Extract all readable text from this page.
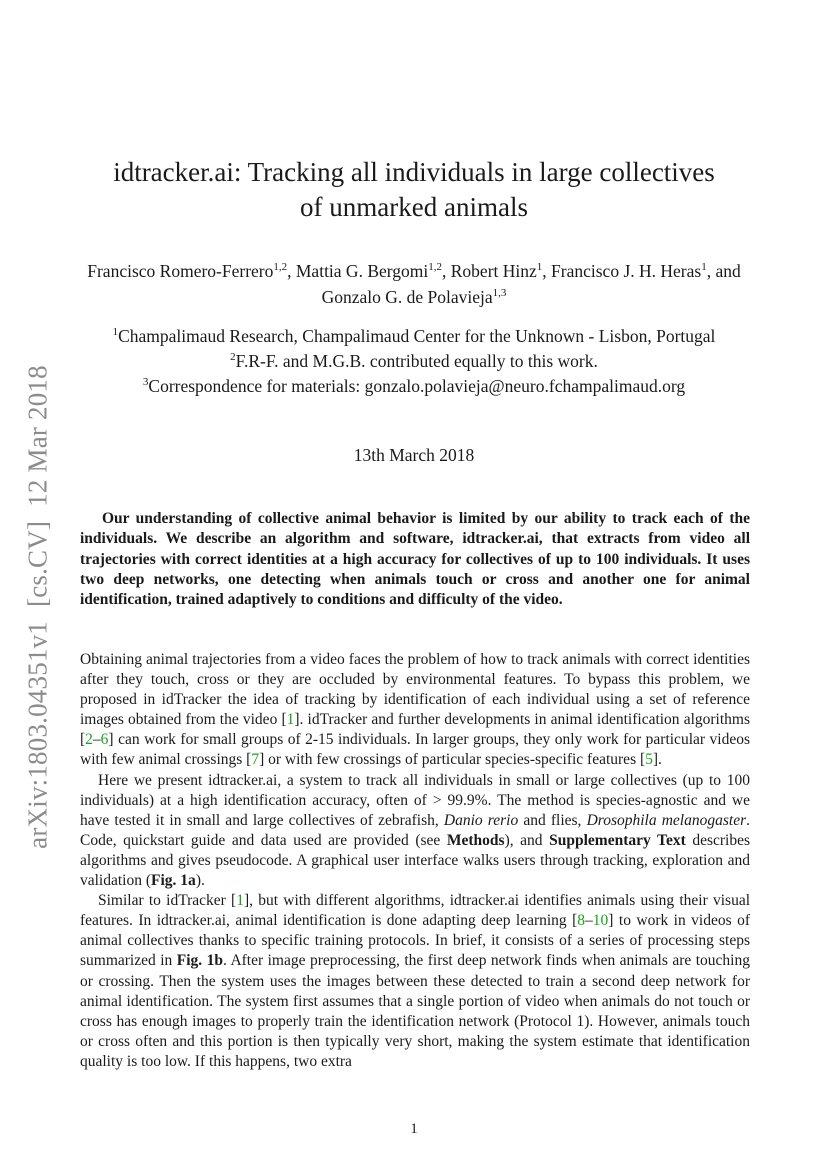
arXiv:1803.04351v1[cs.CV]12 Mar 2018
idtracker.ai: Tracking all individuals in large collectives
of unmarked animals
Francisco Romero-Ferrero$^{1,2}$, Mattia G. Bergomi$^{1,2}$, Robert Hinz$^1$, Francisco J. H. Heras$^1$, and Gonzalo G. de Polavieja$^{1,3}$
$^1$Champalimaud Research, Champalimaud Center for the Unknown - Lisbon, Portugal
$^2$F.R-F. and M.G.B. contributed equally to this work.
$^3$Correspondence for materials: gonzalo.polavieja@neuro.fchampalimaud.org
13th March 2018

Our understanding of collective animal behavior is limited by our ability to track each of the individuals. We describe an algorithm and software, idtracker.ai, that extracts from video all trajectories with correct identities at a high accuracy for collectives of up to 100 individuals. It uses two deep networks, one detecting when animals touch or cross and another one for animal identification, trained adaptively to conditions and difficulty of the video.

Obtaining animal trajectories from a video faces the problem of how to track animals with correct identities after they touch, cross or they are occluded by environmental features. To bypass this problem, we proposed in idTracker the idea of tracking by identification of each individual using a set of reference images obtained from the video [1]. idTracker and further developments in animal identification algorithms [2–6] can work for small groups of 2-15 individuals. In larger groups, they only work for particular videos with few animal crossings [7] or with few crossings of particular species-specific features [5].

Here we present idtracker.ai, a system to track all individuals in small or large collectives (up to 100 individuals) at a high identification accuracy, often of > 99.9%. The method is species-agnostic and we have tested it in small and large collectives of zebrafish, Danio rerio and flies, Drosophila melanogaster. Code, quickstart guide and data used are provided (see Methods), and Supplementary Text describes algorithms and gives pseudocode. A graphical user interface walks users through tracking, exploration and validation (Fig. 1a).

Similar to idTracker [1], but with different algorithms, idtracker.ai identifies animals using their visual features. In idtracker.ai, animal identification is done adapting deep learning [8–10] to work in videos of animal collectives thanks to specific training protocols. In brief, it consists of a series of processing steps summarized in Fig. 1b. After image preprocessing, the first deep network finds when animals are touching or crossing. Then the system uses the images between these detected to train a second deep network for animal identification. The system first assumes that a single portion of video when animals do not touch or cross has enough images to properly train the identification network (Protocol 1). However, animals touch or cross often and this portion is then typically very short, making the system estimate that identification quality is too low. If this happens, two extra

1
